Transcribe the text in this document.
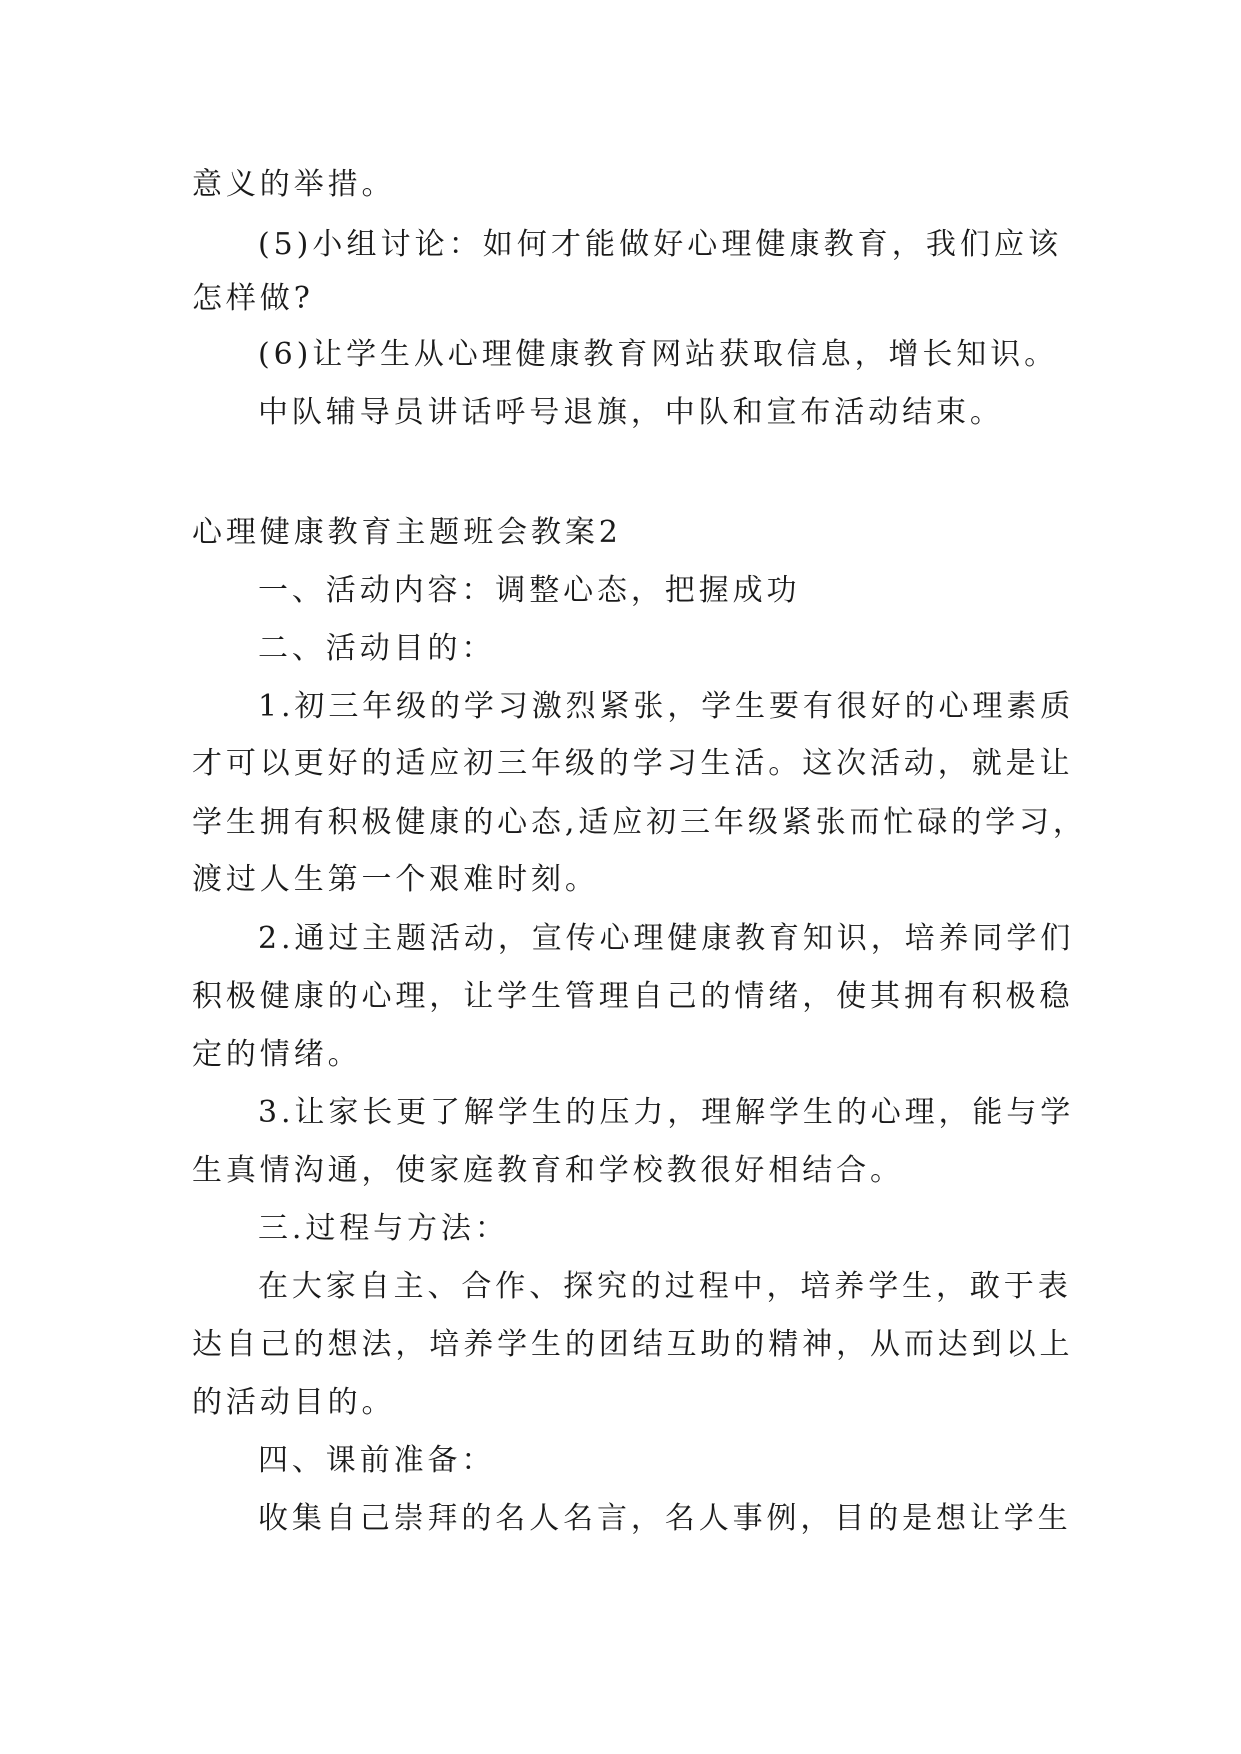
意义的举措。
(5)小组讨论：如何才能做好心理健康教育，我们应该
怎样做?
(6)让学生从心理健康教育网站获取信息，增长知识。
中队辅导员讲话呼号退旗，中队和宣布活动结束。
心理健康教育主题班会教案2
一、活动内容：调整心态，把握成功
二、活动目的：
1.初三年级的学习激烈紧张，学生要有很好的心理素质
才可以更好的适应初三年级的学习生活。这次活动，就是让
学生拥有积极健康的心态,适应初三年级紧张而忙碌的学习，
渡过人生第一个艰难时刻。
2.通过主题活动，宣传心理健康教育知识，培养同学们
积极健康的心理，让学生管理自己的情绪，使其拥有积极稳
定的情绪。
3.让家长更了解学生的压力，理解学生的心理，能与学
生真情沟通，使家庭教育和学校教很好相结合。
三.过程与方法：
在大家自主、合作、探究的过程中，培养学生，敢于表
达自己的想法，培养学生的团结互助的精神，从而达到以上
的活动目的。
四、课前准备：
收集自己崇拜的名人名言，名人事例，目的是想让学生
